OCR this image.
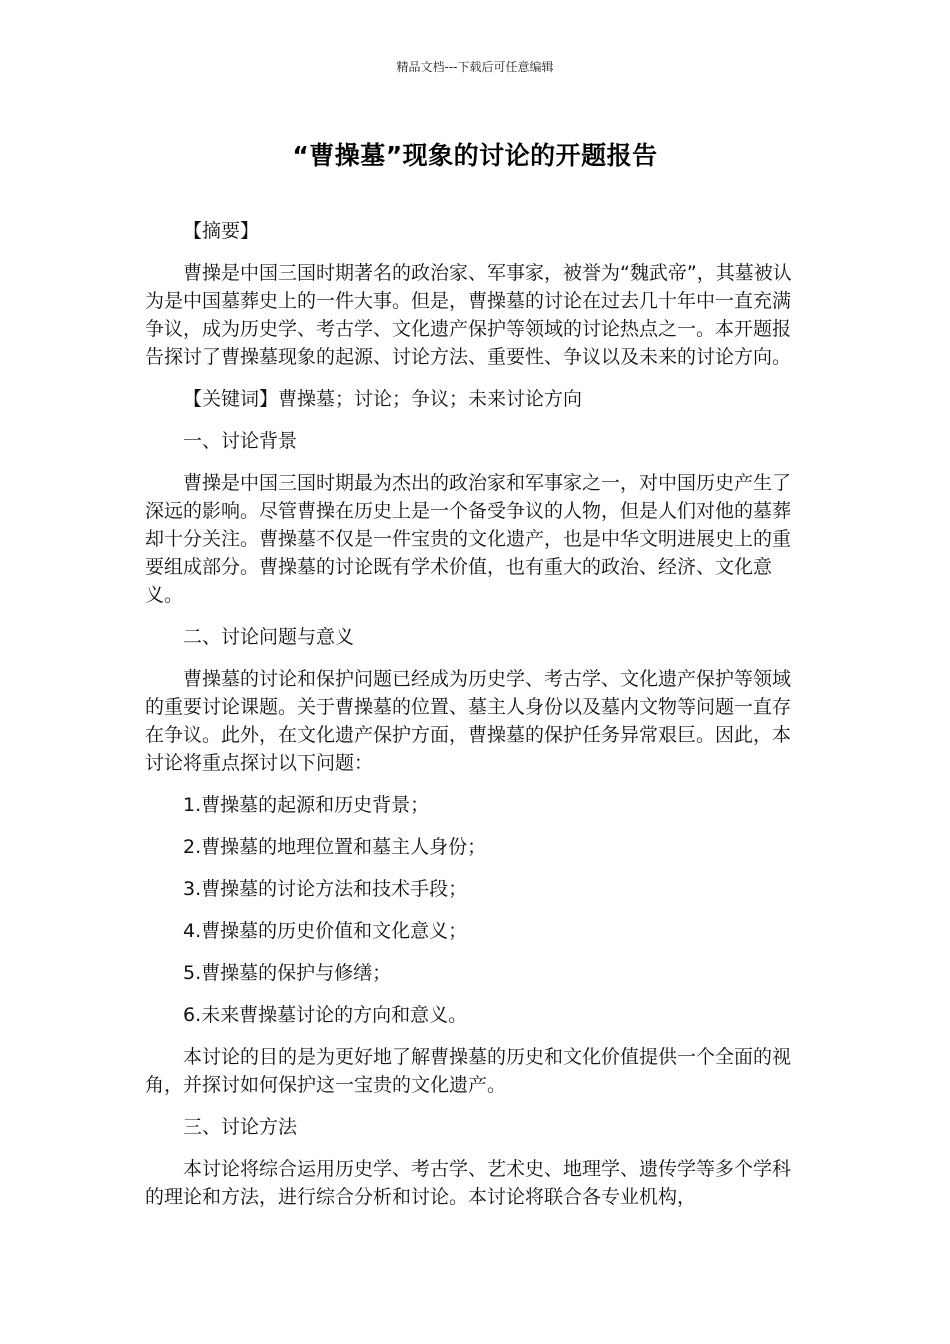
精品文档---下载后可任意编辑
“曹操墓”现象的讨论的开题报告

【摘要】

曹操是中国三国时期著名的政治家、军事家，被誉为“魏武帝”，其墓被认为是中国墓葬史上的一件大事。但是，曹操墓的讨论在过去几十年中一直充满争议，成为历史学、考古学、文化遗产保护等领域的讨论热点之一。本开题报告探讨了曹操墓现象的起源、讨论方法、重要性、争议以及未来的讨论方向。

【关键词】曹操墓；讨论；争议；未来讨论方向

一、讨论背景

曹操是中国三国时期最为杰出的政治家和军事家之一，对中国历史产生了深远的影响。尽管曹操在历史上是一个备受争议的人物，但是人们对他的墓葬却十分关注。曹操墓不仅是一件宝贵的文化遗产，也是中华文明进展史上的重要组成部分。曹操墓的讨论既有学术价值，也有重大的政治、经济、文化意义。

二、讨论问题与意义

曹操墓的讨论和保护问题已经成为历史学、考古学、文化遗产保护等领域的重要讨论课题。关于曹操墓的位置、墓主人身份以及墓内文物等问题一直存在争议。此外，在文化遗产保护方面，曹操墓的保护任务异常艰巨。因此，本讨论将重点探讨以下问题：

1.曹操墓的起源和历史背景；

2.曹操墓的地理位置和墓主人身份；

3.曹操墓的讨论方法和技术手段；

4.曹操墓的历史价值和文化意义；

5.曹操墓的保护与修缮；

6.未来曹操墓讨论的方向和意义。

本讨论的目的是为更好地了解曹操墓的历史和文化价值提供一个全面的视角，并探讨如何保护这一宝贵的文化遗产。

三、讨论方法

本讨论将综合运用历史学、考古学、艺术史、地理学、遗传学等多个学科的理论和方法，进行综合分析和讨论。本讨论将联合各专业机构，
